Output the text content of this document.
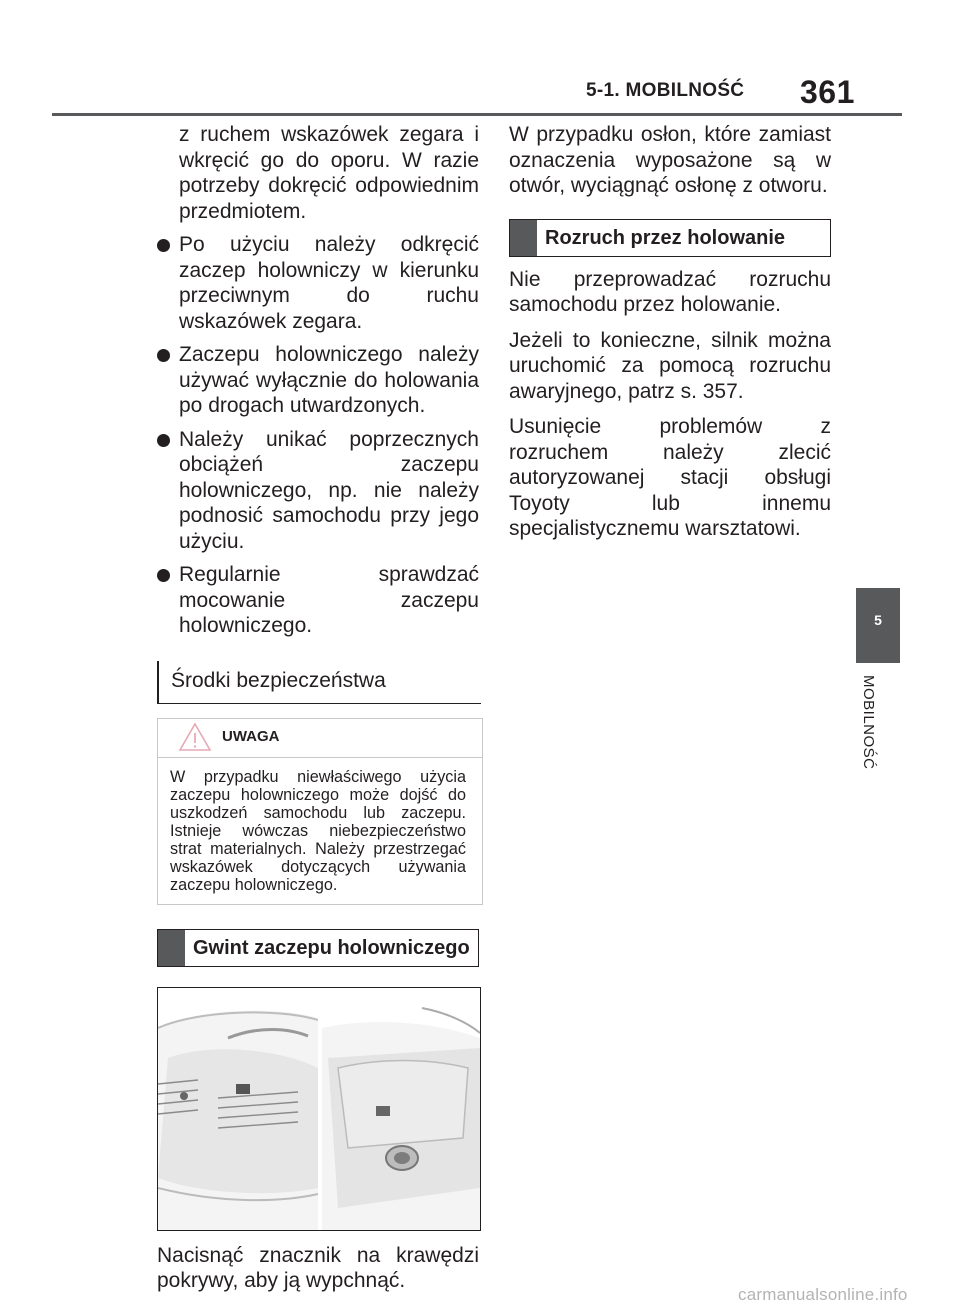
5-1. MOBILNOŚĆ 361

z ruchem wskazówek zegara i wkręcić go do oporu. W razie potrzeby dokręcić odpowiednim przedmiotem.

Po użyciu należy odkręcić zaczep holowniczy w kierunku przeciwnym do ruchu wskazówek zegara.
Zaczepu holowniczego należy używać wyłącznie do holowania po drogach utwardzonych.
Należy unikać poprzecznych obciążeń zaczepu holowniczego, np. nie należy podnosić samochodu przy jego użyciu.
Regularnie sprawdzać mocowanie zaczepu holowniczego.
Środki bezpieczeństwa
UWAGA
W przypadku niewłaściwego użycia zaczepu holowniczego może dojść do uszkodzeń samochodu lub zaczepu. Istnieje wówczas niebezpieczeństwo strat materialnych. Należy przestrzegać wskazówek dotyczących używania zaczepu holowniczego.
Gwint zaczepu holowniczego

Nacisnąć znacznik na krawędzi pokrywy, aby ją wypchnąć.

W przypadku osłon, które zamiast oznaczenia wyposażone są w otwór, wyciągnąć osłonę z otworu.

Rozruch przez holowanie

Nie przeprowadzać rozruchu samochodu przez holowanie.

Jeżeli to konieczne, silnik można uruchomić za pomocą rozruchu awaryjnego, patrz s. 357.

Usunięcie problemów z rozruchem należy zlecić autoryzowanej stacji obsługi Toyoty lub innemu specjalistycznemu warsztatowi.

5
MOBILNOŚĆ
carmanualsonline.info
